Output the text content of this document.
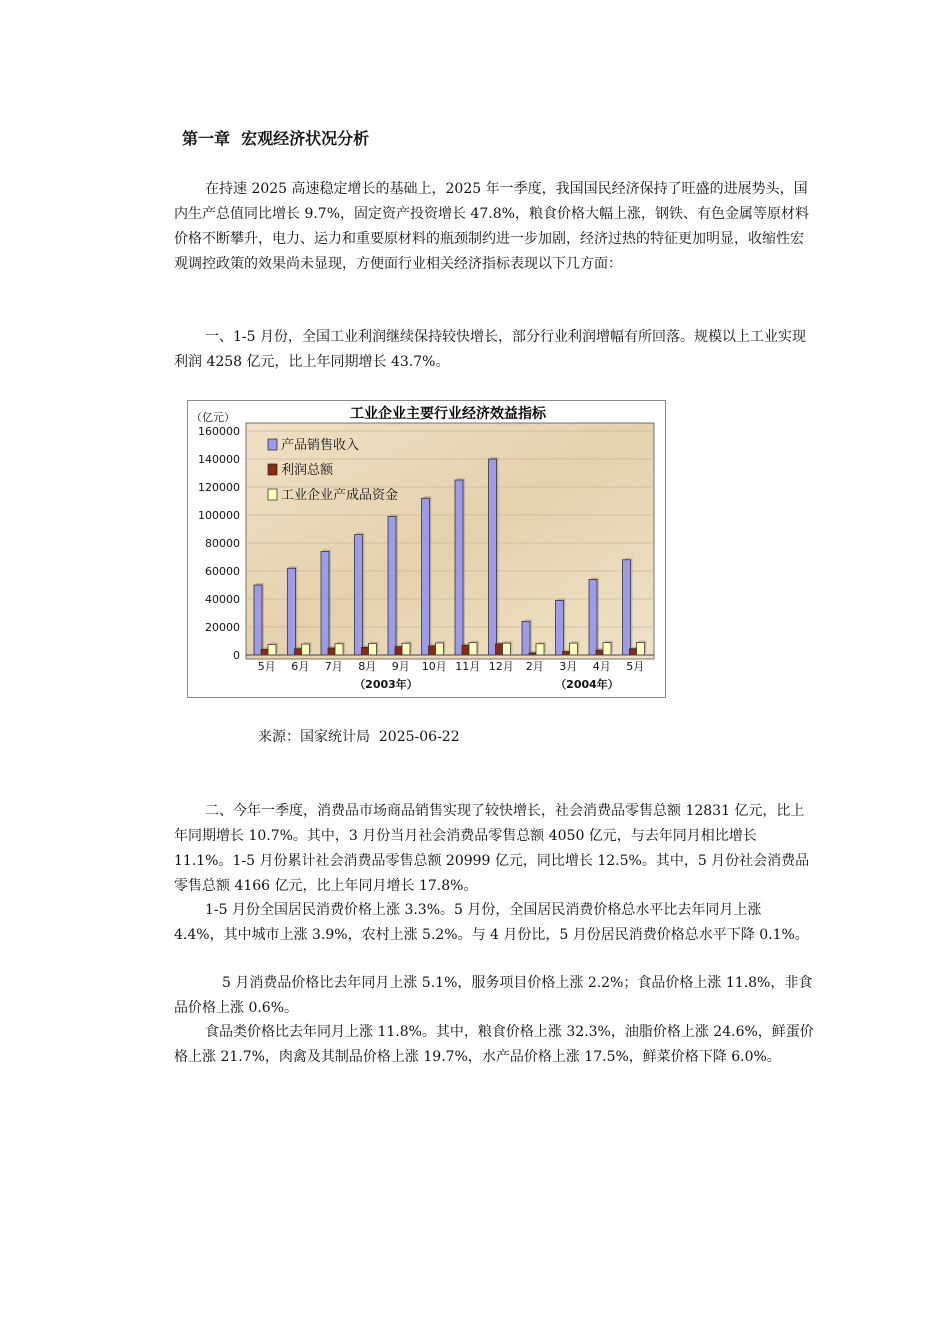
第一章  宏观经济状况分析

在持速 2025 高速稳定增长的基础上，2025 年一季度，我国国民经济保持了旺盛的进展势头，国内生产总值同比增长 9.7%，固定资产投资增长 47.8%，粮食价格大幅上涨，钢铁、有色金属等原材料价格不断攀升，电力、运力和重要原材料的瓶颈制约进一步加剧，经济过热的特征更加明显，收缩性宏观调控政策的效果尚未显现，方便面行业相关经济指标表现以下几方面：

一、1-5 月份，全国工业利润继续保持较快增长，部分行业利润增幅有所回落。规模以上工业实现利润 4258 亿元，比上年同期增长 43.7%。

工业企业主要行业经济效益指标
（亿元）
0
20000
40000
60000
80000
100000
120000
140000
160000
5月 6月 7月 8月 9月 10月 11月 12月 2月 3月 4月 5月
（2003年）	（2004年）
产品销售收入
利润总额
工业企业产成品资金
来源：国家统计局  2025-06-22

二、今年一季度，消费品市场商品销售实现了较快增长，社会消费品零售总额 12831 亿元，比上年同期增长 10.7%。其中，3 月份当月社会消费品零售总额 4050 亿元，与去年同月相比增长 11.1%。1-5 月份累计社会消费品零售总额 20999 亿元，同比增长 12.5%。其中，5 月份社会消费品零售总额 4166 亿元，比上年同月增长 17.8%。

1-5 月份全国居民消费价格上涨 3.3%。5 月份，全国居民消费价格总水平比去年同月上涨 4.4%，其中城市上涨 3.9%，农村上涨 5.2%。与 4 月份比，5 月份居民消费价格总水平下降 0.1%。

5 月消费品价格比去年同月上涨 5.1%，服务项目价格上涨 2.2%；食品价格上涨 11.8%，非食品价格上涨 0.6%。

食品类价格比去年同月上涨 11.8%。其中，粮食价格上涨 32.3%，油脂价格上涨 24.6%，鲜蛋价格上涨 21.7%，肉禽及其制品价格上涨 19.7%，水产品价格上涨 17.5%，鲜菜价格下降 6.0%。
